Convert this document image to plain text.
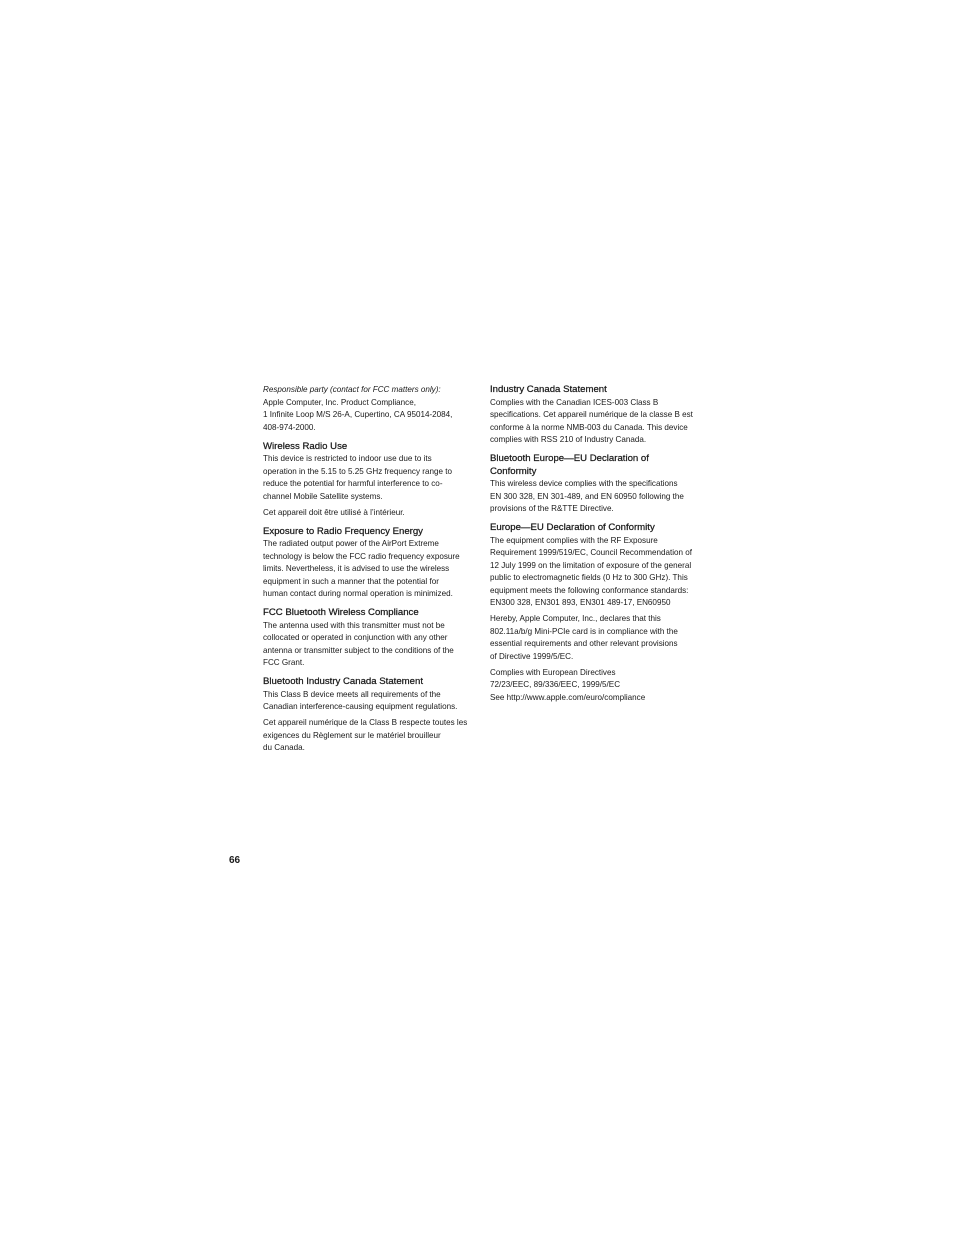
Responsible party (contact for FCC matters only):

Apple Computer, Inc. Product Compliance,
1 Infinite Loop M/S 26-A, Cupertino, CA 95014-2084,
408-974-2000.

Wireless Radio Use

This device is restricted to indoor use due to its
operation in the 5.15 to 5.25 GHz frequency range to
reduce the potential for harmful interference to co-
channel Mobile Satellite systems.

Cet appareil doit être utilisé à l’intérieur.

Exposure to Radio Frequency Energy

The radiated output power of the AirPort Extreme
technology is below the FCC radio frequency exposure
limits. Nevertheless, it is advised to use the wireless
equipment in such a manner that the potential for
human contact during normal operation is minimized.

FCC Bluetooth Wireless Compliance

The antenna used with this transmitter must not be
collocated or operated in conjunction with any other
antenna or transmitter subject to the conditions of the
FCC Grant.

Bluetooth Industry Canada Statement

This Class B device meets all requirements of the
Canadian interference-causing equipment regulations.

Cet appareil numérique de la Class B respecte toutes les
exigences du Règlement sur le matériel brouilleur
du Canada.

Industry Canada Statement

Complies with the Canadian ICES-003 Class B
specifications. Cet appareil numérique de la classe B est
conforme à la norme NMB-003 du Canada. This device
complies with RSS 210 of Industry Canada.

Bluetooth Europe—EU Declaration of
Conformity

This wireless device complies with the specifications
EN 300 328, EN 301-489, and EN 60950 following the
provisions of the R&TTE Directive.

Europe—EU Declaration of Conformity

The equipment complies with the RF Exposure
Requirement 1999/519/EC, Council Recommendation of
12 July 1999 on the limitation of exposure of the general
public to electromagnetic fields (0 Hz to 300 GHz). This
equipment meets the following conformance standards:
EN300 328, EN301 893, EN301 489-17, EN60950

Hereby, Apple Computer, Inc., declares that this
802.11a/b/g Mini-PCIe card is in compliance with the
essential requirements and other relevant provisions
of Directive 1999/5/EC.

Complies with European Directives
72/23/EEC, 89/336/EEC, 1999/5/EC
See http://www.apple.com/euro/compliance

66
